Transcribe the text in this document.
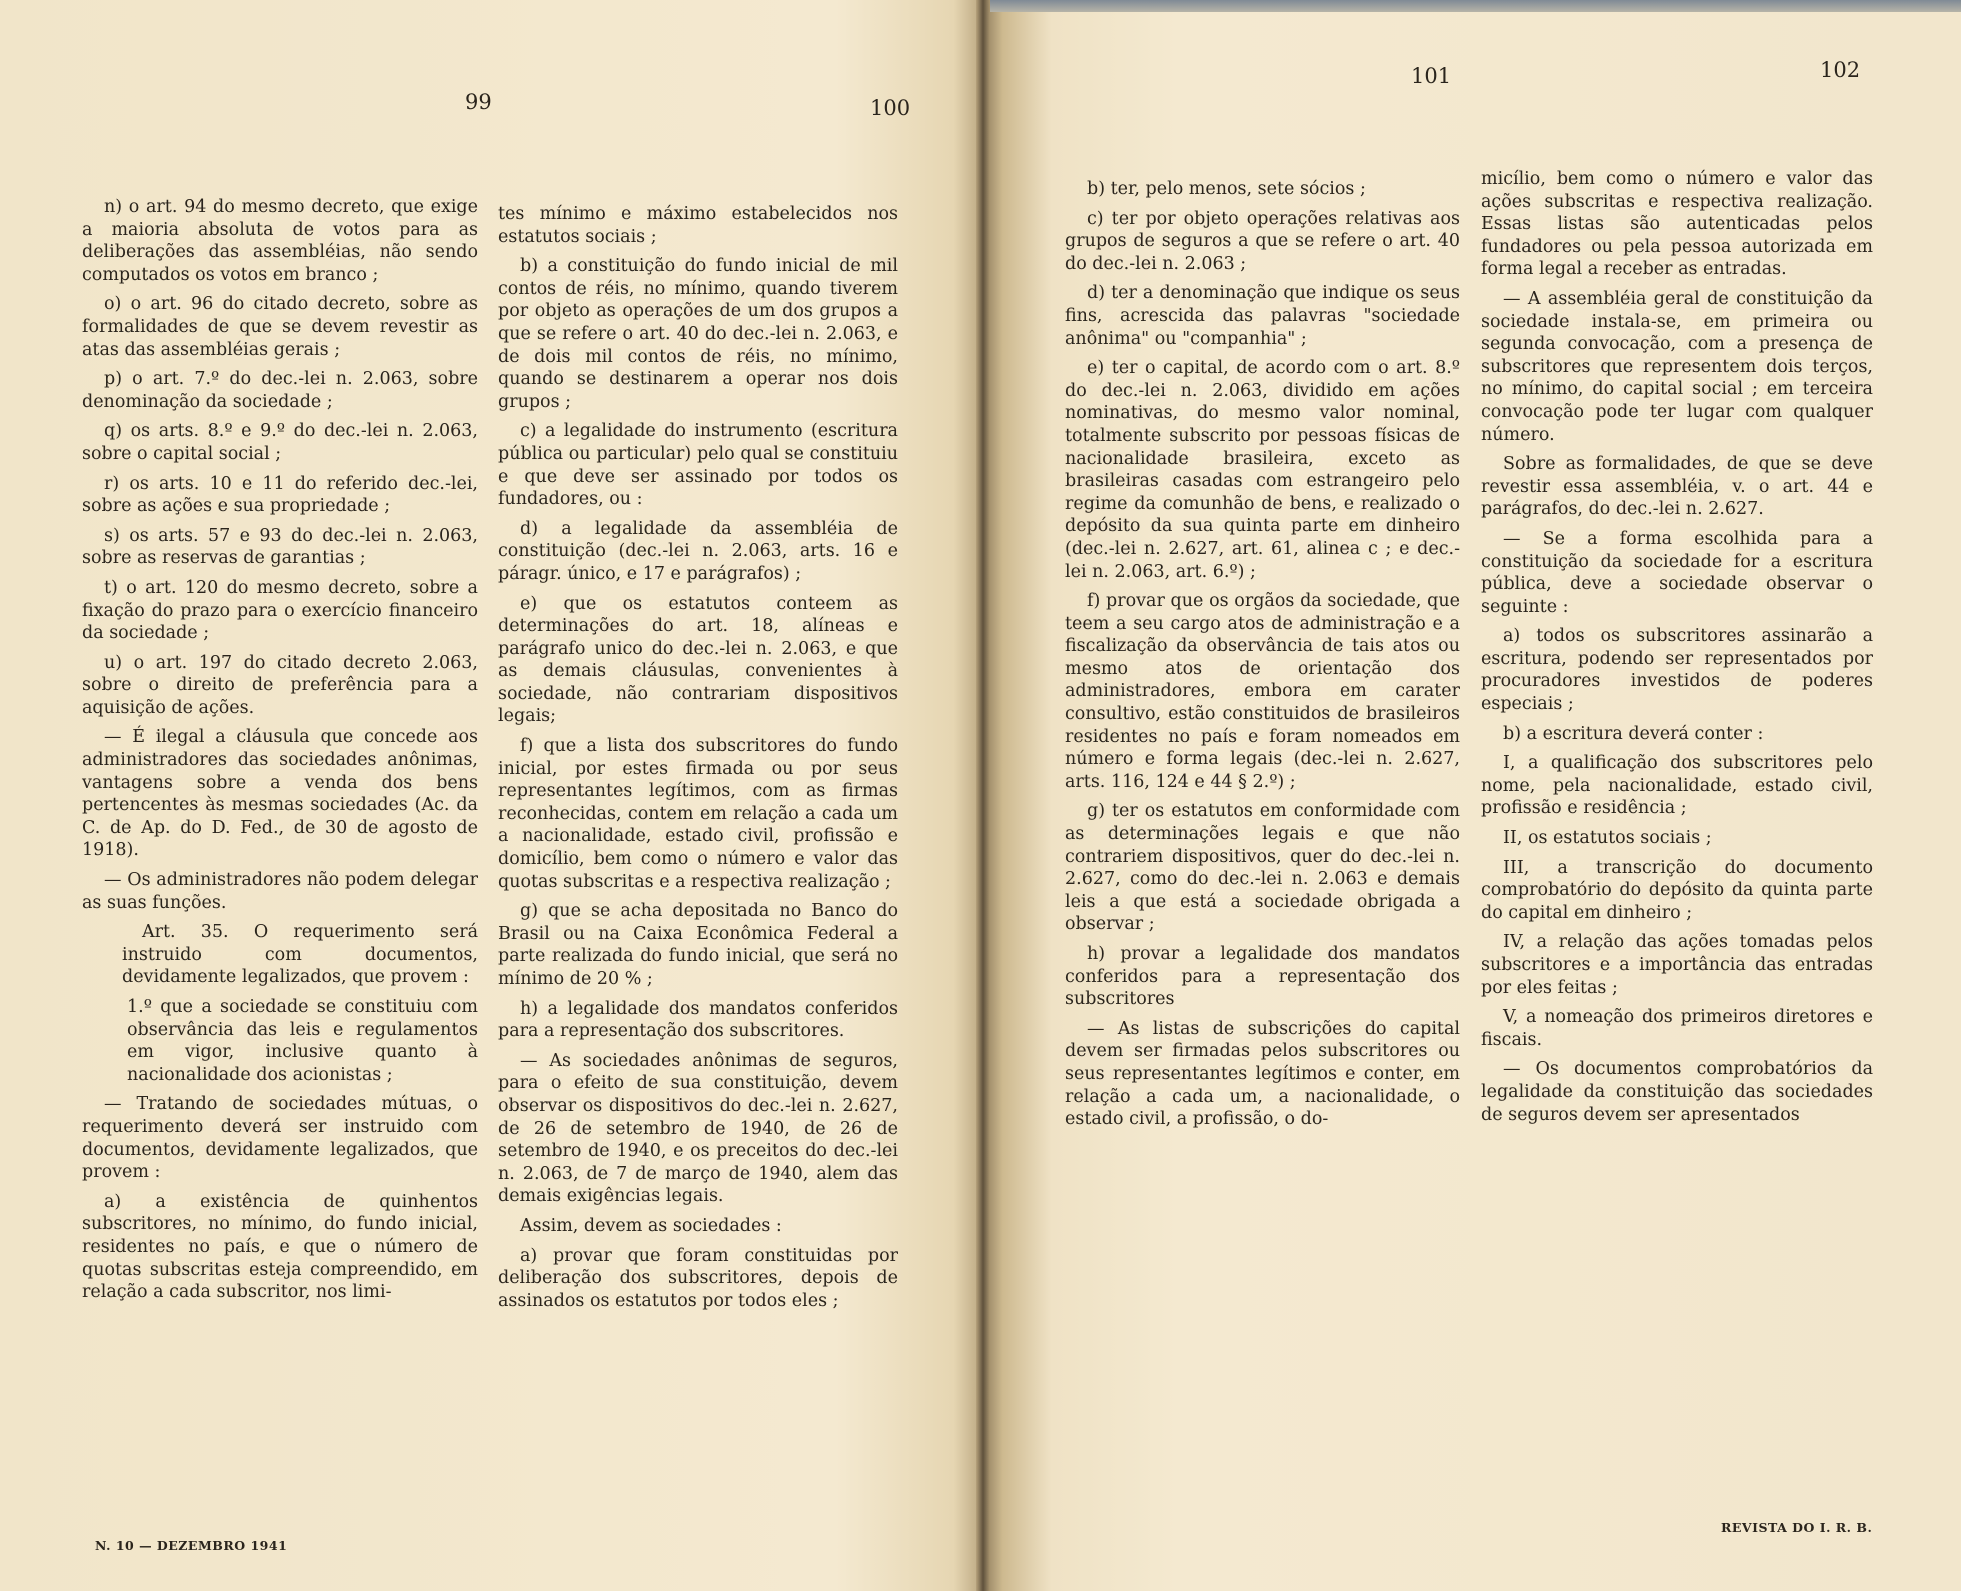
99	100

n) o art. 94 do mesmo decreto, que exige a maioria absoluta de votos para as deliberações das assembléias, não sendo computados os votos em branco ;

o) o art. 96 do citado decreto, sobre as formalidades de que se devem revestir as atas das assembléias gerais ;

p) o art. 7.º do dec.-lei n. 2.063, sobre denominação da sociedade ;

q) os arts. 8.º e 9.º do dec.-lei n. 2.063, sobre o capital social ;

r) os arts. 10 e 11 do referido dec.-lei, sobre as ações e sua propriedade ;

s) os arts. 57 e 93 do dec.-lei n. 2.063, sobre as reservas de garantias ;

t) o art. 120 do mesmo decreto, sobre a fixação do prazo para o exercício financeiro da sociedade ;

u) o art. 197 do citado decreto 2.063, sobre o direito de preferência para a aquisição de ações.

— É ilegal a cláusula que concede aos administradores das sociedades anônimas, vantagens sobre a venda dos bens pertencentes às mesmas sociedades (Ac. da C. de Ap. do D. Fed., de 30 de agosto de 1918).

— Os administradores não podem delegar as suas funções.

Art. 35. O requerimento será instruido com documentos, devidamente legalizados, que provem :

1.º que a sociedade se constituiu com observância das leis e regulamentos em vigor, inclusive quanto à nacionalidade dos acionistas ;

— Tratando de sociedades mútuas, o requerimento deverá ser instruido com documentos, devidamente legalizados, que provem :

a) a existência de quinhentos subscritores, no mínimo, do fundo inicial, residentes no país, e que o número de quotas subscritas esteja compreendido, em relação a cada subscritor, nos limi-

tes mínimo e máximo estabelecidos nos estatutos sociais ;

b) a constituição do fundo inicial de mil contos de réis, no mínimo, quando tiverem por objeto as operações de um dos grupos a que se refere o art. 40 do dec.-lei n. 2.063, e de dois mil contos de réis, no mínimo, quando se destinarem a operar nos dois grupos ;

c) a legalidade do instrumento (escritura pública ou particular) pelo qual se constituiu e que deve ser assinado por todos os fundadores, ou :

d) a legalidade da assembléia de constituição (dec.-lei n. 2.063, arts. 16 e páragr. único, e 17 e parágrafos) ;

e) que os estatutos conteem as determinações do art. 18, alíneas e parágrafo unico do dec.-lei n. 2.063, e que as demais cláusulas, convenientes à sociedade, não contrariam dispositivos legais;

f) que a lista dos subscritores do fundo inicial, por estes firmada ou por seus representantes legítimos, com as firmas reconhecidas, contem em relação a cada um a nacionalidade, estado civil, profissão e domicílio, bem como o número e valor das quotas subscritas e a respectiva realização ;

g) que se acha depositada no Banco do Brasil ou na Caixa Econômica Federal a parte realizada do fundo inicial, que será no mínimo de 20 % ;

h) a legalidade dos mandatos conferidos para a representação dos subscritores.

— As sociedades anônimas de seguros, para o efeito de sua constituição, devem observar os dispositivos do dec.-lei n. 2.627, de 26 de setembro de 1940, de 26 de setembro de 1940, e os preceitos do dec.-lei n. 2.063, de 7 de março de 1940, alem das demais exigências legais.

Assim, devem as sociedades :

a) provar que foram constituidas por deliberação dos subscritores, depois de assinados os estatutos por todos eles ;

N. 10 — DEZEMBRO 1941
101	102

b) ter, pelo menos, sete sócios ;

c) ter por objeto operações relativas aos grupos de seguros a que se refere o art. 40 do dec.-lei n. 2.063 ;

d) ter a denominação que indique os seus fins, acrescida das palavras "sociedade anônima" ou "companhia" ;

e) ter o capital, de acordo com o art. 8.º do dec.-lei n. 2.063, dividido em ações nominativas, do mesmo valor nominal, totalmente subscrito por pessoas físicas de nacionalidade brasileira, exceto as brasileiras casadas com estrangeiro pelo regime da comunhão de bens, e realizado o depósito da sua quinta parte em dinheiro (dec.-lei n. 2.627, art. 61, alinea c ; e dec.-lei n. 2.063, art. 6.º) ;

f) provar que os orgãos da sociedade, que teem a seu cargo atos de administração e a fiscalização da observância de tais atos ou mesmo atos de orientação dos administradores, embora em carater consultivo, estão constituidos de brasileiros residentes no país e foram nomeados em número e forma legais (dec.-lei n. 2.627, arts. 116, 124 e 44 § 2.º) ;

g) ter os estatutos em conformidade com as determinações legais e que não contrariem dispositivos, quer do dec.-lei n. 2.627, como do dec.-lei n. 2.063 e demais leis a que está a sociedade obrigada a observar ;

h) provar a legalidade dos mandatos conferidos para a representação dos subscritores

— As listas de subscrições do capital devem ser firmadas pelos subscritores ou seus representantes legítimos e conter, em relação a cada um, a nacionalidade, o estado civil, a profissão, o do-

micílio, bem como o número e valor das ações subscritas e respectiva realização. Essas listas são autenticadas pelos fundadores ou pela pessoa autorizada em forma legal a receber as entradas.

— A assembléia geral de constituição da sociedade instala-se, em primeira ou segunda convocação, com a presença de subscritores que representem dois terços, no mínimo, do capital social ; em terceira convocação pode ter lugar com qualquer número.

Sobre as formalidades, de que se deve revestir essa assembléia, v. o art. 44 e parágrafos, do dec.-lei n. 2.627.

— Se a forma escolhida para a constituição da sociedade for a escritura pública, deve a sociedade observar o seguinte :

a) todos os subscritores assinarão a escritura, podendo ser representados por procuradores investidos de poderes especiais ;

b) a escritura deverá conter :

I, a qualificação dos subscritores pelo nome, pela nacionalidade, estado civil, profissão e residência ;

II, os estatutos sociais ;

III, a transcrição do documento comprobatório do depósito da quinta parte do capital em dinheiro ;

IV, a relação das ações tomadas pelos subscritores e a importância das entradas por eles feitas ;

V, a nomeação dos primeiros diretores e fiscais.

— Os documentos comprobatórios da legalidade da constituição das sociedades de seguros devem ser apresentados

REVISTA DO I. R. B.
